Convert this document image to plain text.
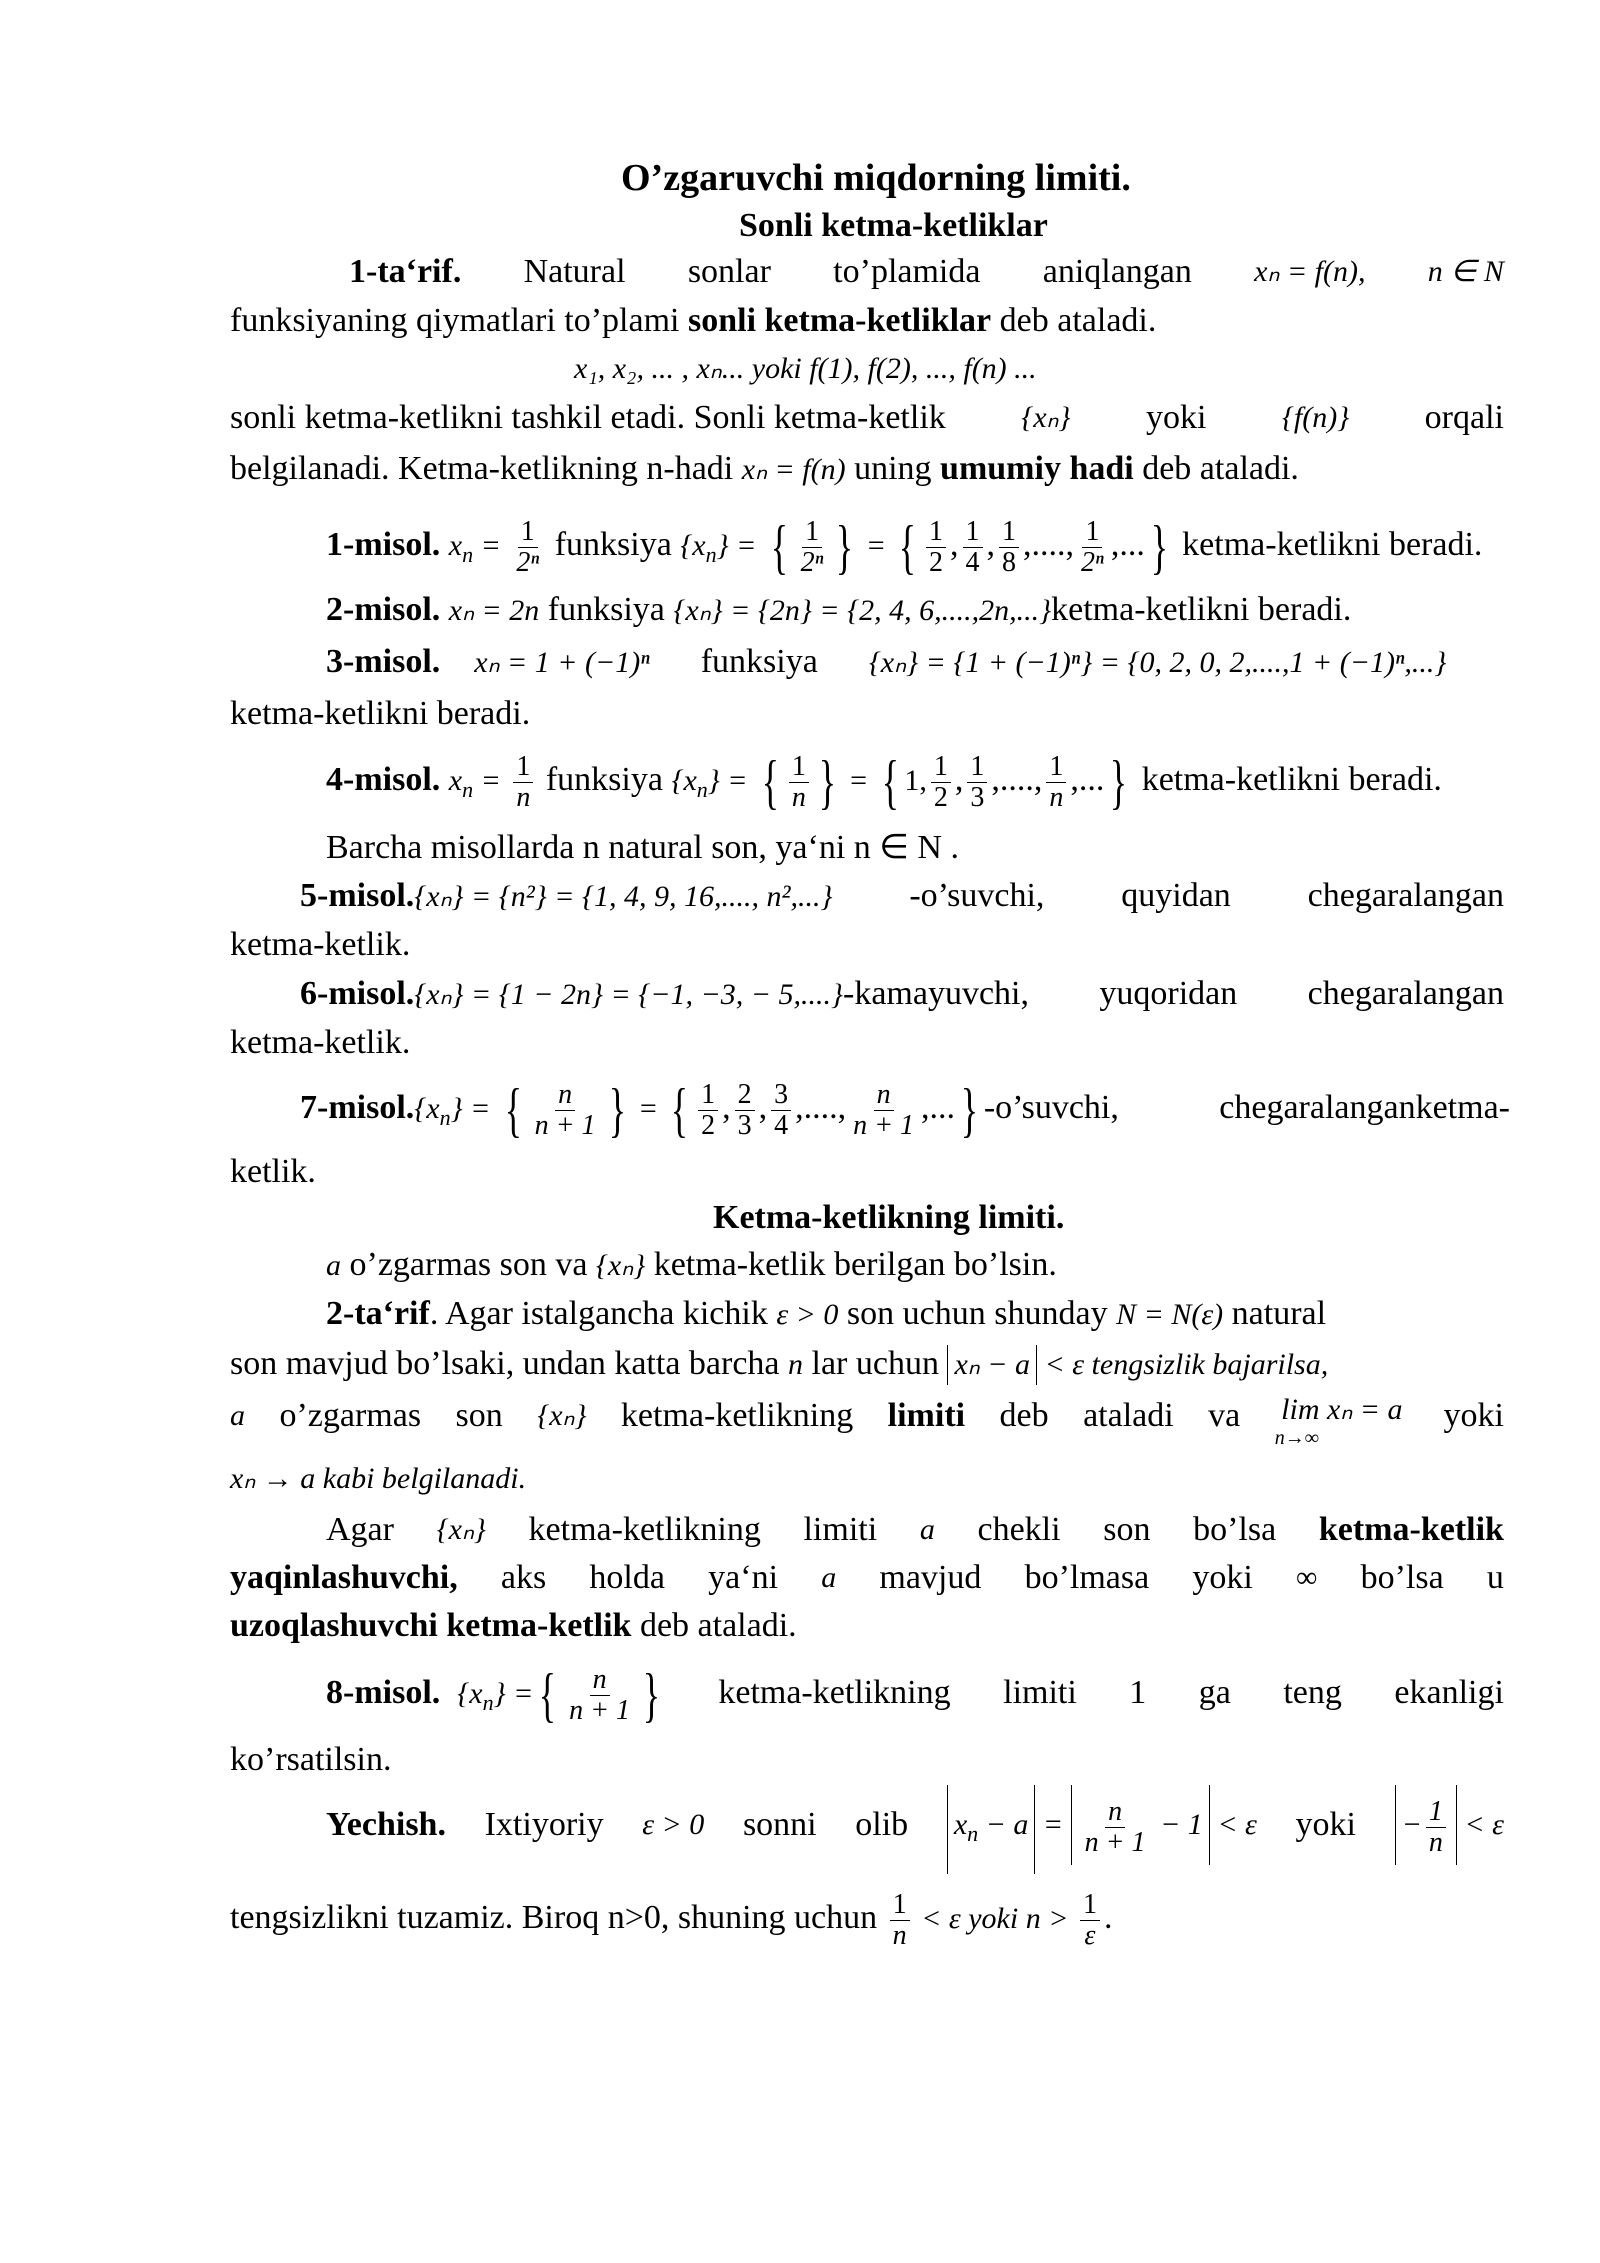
O’zgaruvchi miqdorning limiti.
Sonli ketma-ketliklar
1-ta‘rif. Natural sonlar to’plamida aniqlangan xₙ = f(n), n ∈ N
funksiyaning qiymatlari to’plami sonli ketma-ketliklar deb ataladi.
x₁, x₂, ... , xₙ... yoki f(1), f(2), ..., f(n) ...
sonli ketma-ketlikni tashkil etadi. Sonli ketma-ketlik	{xₙ} yoki	{f(n)} orqali
belgilanadi. Ketma-ketlikning n-hadi xₙ = f(n) uning umumiy hadi deb ataladi.
1-misol. $x_n = \frac{1}{\text{2ⁿ}}$ funksiya $\{x_n\}$ = { $\frac{1}{\text{2ⁿ}}$ } = { $\frac{1}{2}$ , $\frac{1}{4}$ , $\frac{1}{8}$ ,...., $\frac{1}{\text{2ⁿ}}$ ,...} ketma-ketlikni beradi.
2-misol. xₙ = 2n funksiya {xₙ} = {2n} = {2, 4, 6,....,2n,...}ketma-ketlikni beradi.
3-misol. xₙ = 1 + (−1)ⁿ funksiya {xₙ} = {1 + (−1)ⁿ} = {0, 2, 0, 2,....,1 + (−1)ⁿ,...}
ketma-ketlikni beradi.
4-misol. $x_n = \frac{1}{n}$ funksiya $\{x_n\}$ = { $\frac{1}{n}$ } = { 1, $\frac{1}{2}$ , $\frac{1}{3}$ ,...., $\frac{1}{n}$ ,...} ketma-ketlikni beradi.
Barcha misollarda n natural son, ya‘ni n ∈ N .
5-misol.{xₙ} = {n²} = {1, 4, 9, 16,...., n²,...} -o’suvchi, quyidan chegaralangan
ketma-ketlik.
6-misol.{xₙ} = {1 − 2n} = {−1, −3, − 5,....}-kamayuvchi, yuqoridan chegaralangan
ketma-ketlik.
$7-misol.\{x_n\}$ = { $\frac{n}{n + 1}$ } = { $\frac{1}{2}$ , $\frac{2}{3}$ , $\frac{3}{4}$ ,...., $\frac{n}{n + 1}$ ,...} -o’suvchi,	chegaralanganketma-
ketlik.
Ketma-ketlikning limiti.
a o’zgarmas son va {xₙ} ketma-ketlik berilgan bo’lsin.
2-ta‘rif. Agar istalgancha kichik ε > 0 son uchun shunday N = N(ε) natural
son mavjud bo’lsaki, undan katta barcha n lar uchun xₙ − a < ε tengsizlik bajarilsa,
a o’zgarmas son {xₙ} ketma-ketlikning limiti deb ataladi va lim xₙ = a
n→∞
yoki
xₙ → a kabi belgilanadi.
Agar {xₙ} ketma-ketlikning limiti a chekli son bo’lsa ketma-ketlik
yaqinlashuvchi, aks holda ya‘ni a mavjud bo’lmasa yoki ∞ bo’lsa u
uzoqlashuvchi ketma-ketlik deb ataladi.
8-misol. $\{x_n\}$ ={ $\frac{n}{n + 1}$ } ketma-ketlikning limiti 1 ga teng ekanligi
ko’rsatilsin.
Yechish. Ixtiyoriy ε > 0 sonni olib $x_n - a = \frac{n}{n + 1} - 1 < \varepsilon$ yoki − $\frac{1}{n} < \varepsilon$
tengsizlikni tuzamiz. Biroq n>0, shuning uchun $\frac{1}{n} < \varepsilon$ yoki $n > \frac{1}{\varepsilon}$ .
